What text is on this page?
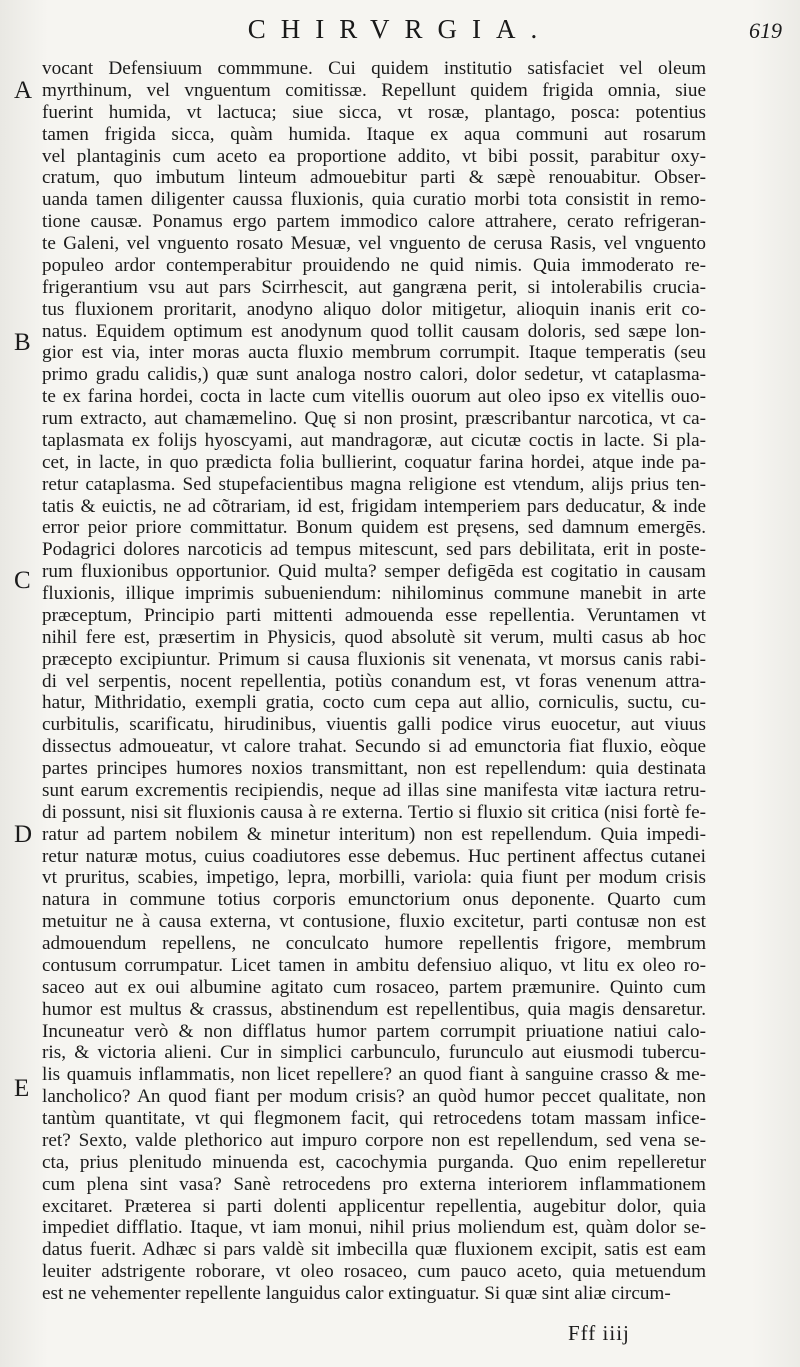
CHIRVRGIA.	619
A
B
C
D
E
vocant Defensiuum commmune. Cui quidem institutio satisfaciet vel oleum
myrthinum, vel vnguentum comitissæ. Repellunt quidem frigida omnia, siue
fuerint humida, vt lactuca; siue sicca, vt rosæ, plantago, posca: potentius
tamen frigida sicca, quàm humida. Itaque ex aqua communi aut rosarum
vel plantaginis cum aceto ea proportione addito, vt bibi possit, parabitur oxy-
cratum, quo imbutum linteum admouebitur parti & sæpè renouabitur. Obser-
uanda tamen diligenter caussa fluxionis, quia curatio morbi tota consistit in remo-
tione causæ. Ponamus ergo partem immodico calore attrahere, cerato refrigeran-
te Galeni, vel vnguento rosato Mesuæ, vel vnguento de cerusa Rasis, vel vnguento
populeo ardor contemperabitur prouidendo ne quid nimis. Quia immoderato re-
frigerantium vsu aut pars Scirrhescit, aut gangræna perit, si intolerabilis crucia-
tus fluxionem proritarit, anodyno aliquo dolor mitigetur, alioquin inanis erit co-
natus. Equidem optimum est anodynum quod tollit causam doloris, sed sæpe lon-
gior est via, inter moras aucta fluxio membrum corrumpit. Itaque temperatis (seu
primo gradu calidis,) quæ sunt analoga nostro calori, dolor sedetur, vt cataplasma-
te ex farina hordei, cocta in lacte cum vitellis ouorum aut oleo ipso ex vitellis ouo-
rum extracto, aut chamæmelino. Quę si non prosint, præscribantur narcotica, vt ca-
taplasmata ex folijs hyoscyami, aut mandragoræ, aut cicutæ coctis in lacte. Si pla-
cet, in lacte, in quo prædicta folia bullierint, coquatur farina hordei, atque inde pa-
retur cataplasma. Sed stupefacientibus magna religione est vtendum, alijs prius ten-
tatis & euictis, ne ad cõtrariam, id est, frigidam intemperiem pars deducatur, & inde
error peior priore committatur. Bonum quidem est pręsens, sed damnum emergēs.
Podagrici dolores narcoticis ad tempus mitescunt, sed pars debilitata, erit in poste-
rum fluxionibus opportunior. Quid multa? semper defigēda est cogitatio in causam
fluxionis, illique imprimis subueniendum: nihilominus commune manebit in arte
præceptum, Principio parti mittenti admouenda esse repellentia. Veruntamen vt
nihil fere est, præsertim in Physicis, quod absolutè sit verum, multi casus ab hoc
præcepto excipiuntur. Primum si causa fluxionis sit venenata, vt morsus canis rabi-
di vel serpentis, nocent repellentia, potiùs conandum est, vt foras venenum attra-
hatur, Mithridatio, exempli gratia, cocto cum cepa aut allio, corniculis, suctu, cu-
curbitulis, scarificatu, hirudinibus, viuentis galli podice virus euocetur, aut viuus
dissectus admoueatur, vt calore trahat. Secundo si ad emunctoria fiat fluxio, eòque
partes principes humores noxios transmittant, non est repellendum: quia destinata
sunt earum excrementis recipiendis, neque ad illas sine manifesta vitæ iactura retru-
di possunt, nisi sit fluxionis causa à re externa. Tertio si fluxio sit critica (nisi fortè fe-
ratur ad partem nobilem & minetur interitum) non est repellendum. Quia impedi-
retur naturæ motus, cuius coadiutores esse debemus. Huc pertinent affectus cutanei
vt pruritus, scabies, impetigo, lepra, morbilli, variola: quia fiunt per modum crisis
natura in commune totius corporis emunctorium onus deponente. Quarto cum
metuitur ne à causa externa, vt contusione, fluxio excitetur, parti contusæ non est
admouendum repellens, ne conculcato humore repellentis frigore, membrum
contusum corrumpatur. Licet tamen in ambitu defensiuo aliquo, vt litu ex oleo ro-
saceo aut ex oui albumine agitato cum rosaceo, partem præmunire. Quinto cum
humor est multus & crassus, abstinendum est repellentibus, quia magis densaretur.
Incuneatur verò & non difflatus humor partem corrumpit priuatione natiui calo-
ris, & victoria alieni. Cur in simplici carbunculo, furunculo aut eiusmodi tubercu-
lis quamuis inflammatis, non licet repellere? an quod fiant à sanguine crasso & me-
lancholico? An quod fiant per modum crisis? an quòd humor peccet qualitate, non
tantùm quantitate, vt qui flegmonem facit, qui retrocedens totam massam infice-
ret? Sexto, valde plethorico aut impuro corpore non est repellendum, sed vena se-
cta, prius plenitudo minuenda est, cacochymia purganda. Quo enim repelleretur
cum plena sint vasa? Sanè retrocedens pro externa interiorem inflammationem
excitaret. Præterea si parti dolenti applicentur repellentia, augebitur dolor, quia
impediet difflatio. Itaque, vt iam monui, nihil prius moliendum est, quàm dolor se-
datus fuerit. Adhæc si pars valdè sit imbecilla quæ fluxionem excipit, satis est eam
leuiter adstrigente roborare, vt oleo rosaceo, cum pauco aceto, quia metuendum
est ne vehementer repellente languidus calor extinguatur. Si quæ sint aliæ circum-
Fff iiij
